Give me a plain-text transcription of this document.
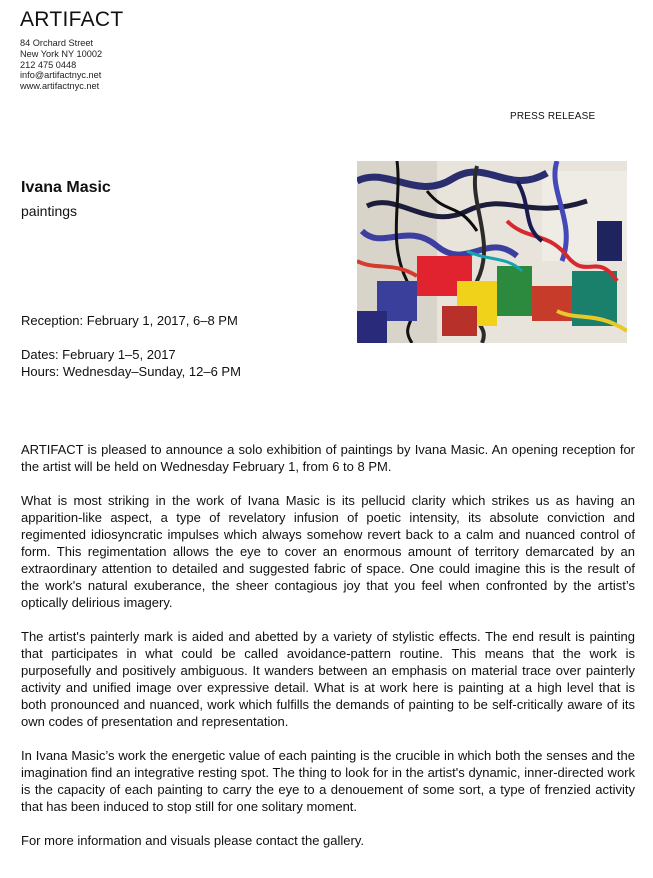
ARTIFACT
84 Orchard Street
New York NY 10002
212 475 0448
info@artifactnyc.net
www.artifactnyc.net
PRESS RELEASE
Ivana Masic
paintings
Reception: February 1, 2017, 6–8 PM
Dates: February 1–5, 2017
Hours: Wednesday–Sunday, 12–6 PM

ARTIFACT is pleased to announce a solo exhibition of paintings by Ivana Masic. An opening reception for the artist will be held on Wednesday February 1, from 6 to 8 PM.

What is most striking in the work of Ivana Masic is its pellucid clarity which strikes us as having an apparition-like aspect, a type of revelatory infusion of poetic intensity, its absolute conviction and regimented idiosyncratic impulses which always somehow revert back to a calm and nuanced control of form. This regimentation allows the eye to cover an enormous amount of territory demarcated by an extraordinary attention to detailed and suggested fabric of space. One could imagine this is the result of the work's natural exuberance, the sheer contagious joy that you feel when confronted by the artist’s optically delirious imagery.

The artist's painterly mark is aided and abetted by a variety of stylistic effects. The end result is painting that participates in what could be called avoidance-pattern routine. This means that the work is purposefully and positively ambiguous. It wanders between an emphasis on material trace over painterly activity and unified image over expressive detail. What is at work here is painting at a high level that is both pronounced and nuanced, work which fulfills the demands of painting to be self-critically aware of its own codes of presentation and representation.

In Ivana Masic’s work the energetic value of each painting is the crucible in which both the senses and the imagination find an integrative resting spot. The thing to look for in the artist's dynamic, inner-directed work is the capacity of each painting to carry the eye to a denouement of some sort, a type of frenzied activity that has been induced to stop still for one solitary moment.

For more information and visuals please contact the gallery.
